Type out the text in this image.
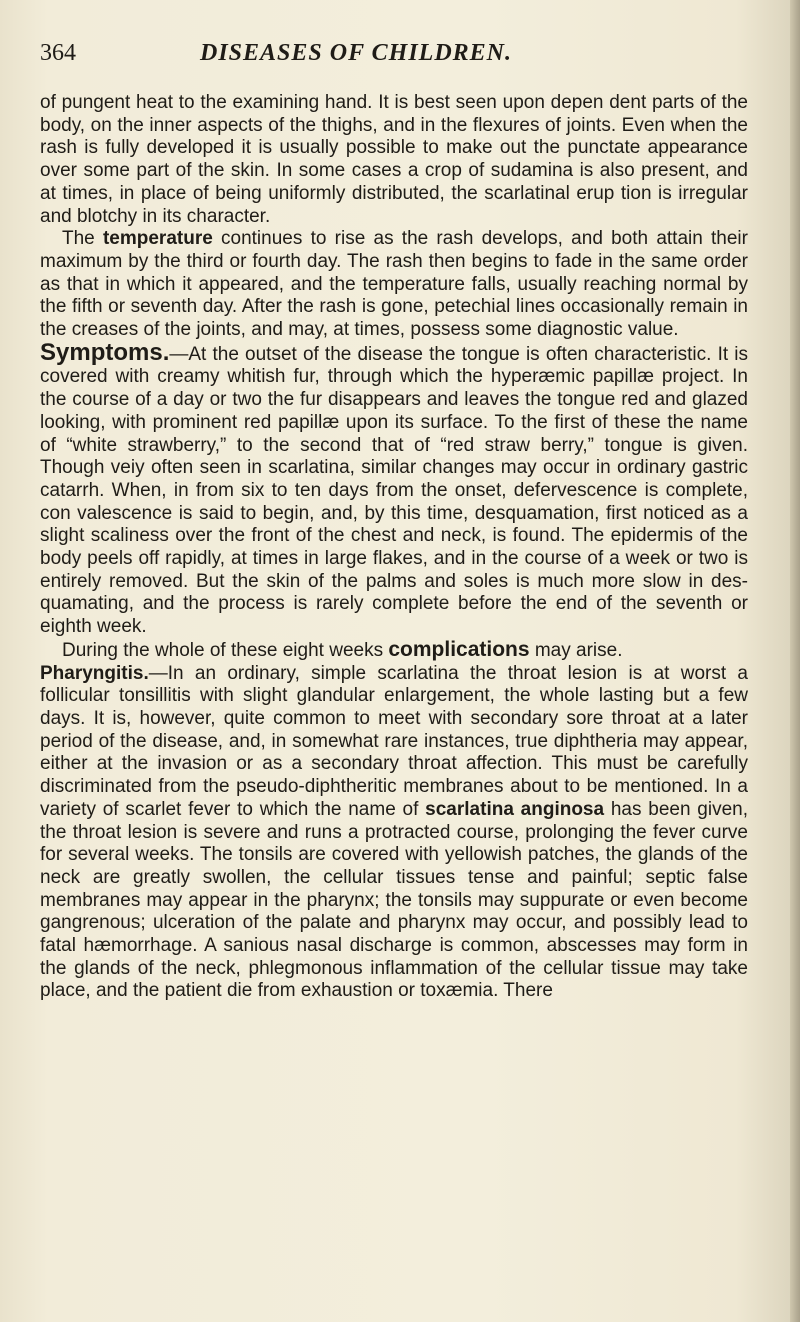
364	DISEASES OF CHILDREN.

of pungent heat to the examining hand. It is best seen upon depen dent parts of the body, on the inner aspects of the thighs, and in the flexures of joints. Even when the rash is fully developed it is usually possible to make out the punctate appearance over some part of the skin. In some cases a crop of sudamina is also present, and at times, in place of being uniformly distributed, the scarlatinal erup tion is irregular and blotchy in its character.

The temperature continues to rise as the rash develops, and both attain their maximum by the third or fourth day. The rash then begins to fade in the same order as that in which it appeared, and the temperature falls, usually reaching normal by the fifth or seventh day. After the rash is gone, petechial lines occasionally remain in the creases of the joints, and may, at times, possess some diagnostic value.

Symptoms.—At the outset of the disease the tongue is often characteristic. It is covered with creamy whitish fur, through which the hyperæmic papillæ project. In the course of a day or two the fur disappears and leaves the tongue red and glazed looking, with prominent red papillæ upon its surface. To the first of these the name of “white strawberry,” to the second that of “red straw berry,” tongue is given. Though veiy often seen in scarlatina, similar changes may occur in ordinary gastric catarrh. When, in from six to ten days from the onset, defervescence is complete, con valescence is said to begin, and, by this time, desquamation, first noticed as a slight scaliness over the front of the chest and neck, is found. The epidermis of the body peels off rapidly, at times in large flakes, and in the course of a week or two is entirely removed. But the skin of the palms and soles is much more slow in des quamating, and the process is rarely complete before the end of the seventh or eighth week.

During the whole of these eight weeks complications may arise.

Pharyngitis.—In an ordinary, simple scarlatina the throat lesion is at worst a follicular tonsillitis with slight glandular enlargement, the whole lasting but a few days. It is, however, quite common to meet with secondary sore throat at a later period of the disease, and, in somewhat rare instances, true diphtheria may appear, either at the invasion or as a secondary throat affection. This must be carefully discriminated from the pseudo-diphtheritic membranes about to be mentioned. In a variety of scarlet fever to which the name of scarlatina anginosa has been given, the throat lesion is severe and runs a protracted course, prolonging the fever curve for several weeks. The tonsils are covered with yellowish patches, the glands of the neck are greatly swollen, the cellular tissues tense and painful; septic false membranes may appear in the pharynx; the tonsils may suppurate or even become gangrenous; ulceration of the palate and pharynx may occur, and possibly lead to fatal hæmorrhage. A sanious nasal discharge is common, abscesses may form in the glands of the neck, phlegmonous inflammation of the cellular tissue may take place, and the patient die from exhaustion or toxæmia. There
